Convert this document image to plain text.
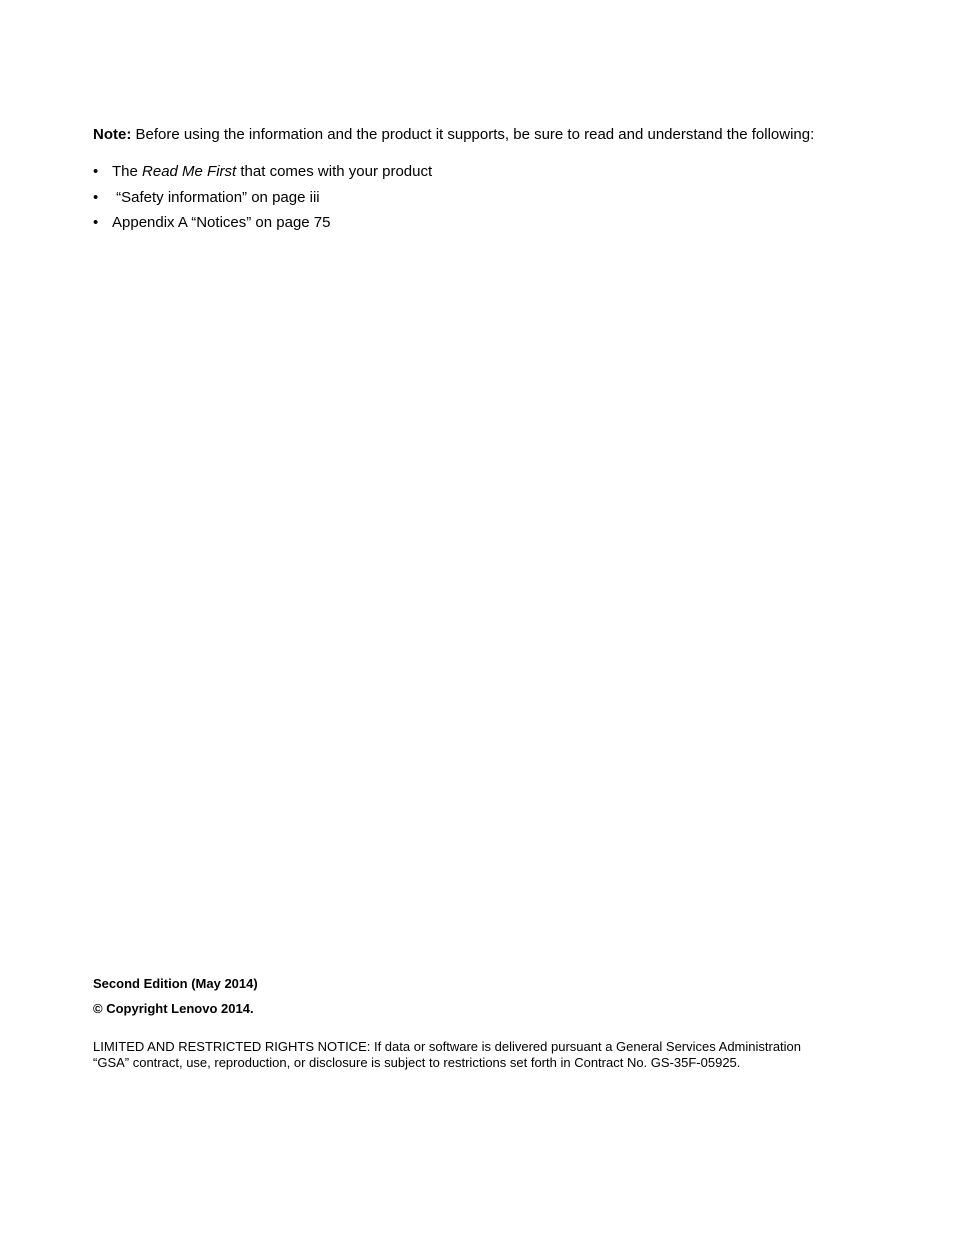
Note: Before using the information and the product it supports, be sure to read and understand the following:
• The Read Me First that comes with your product
• “Safety information” on page iii
• Appendix A “Notices” on page 75
Second Edition (May 2014)
© Copyright Lenovo 2014.
LIMITED AND RESTRICTED RIGHTS NOTICE: If data or software is delivered pursuant a General Services Administration
“GSA” contract, use, reproduction, or disclosure is subject to restrictions set forth in Contract No. GS-35F-05925.
